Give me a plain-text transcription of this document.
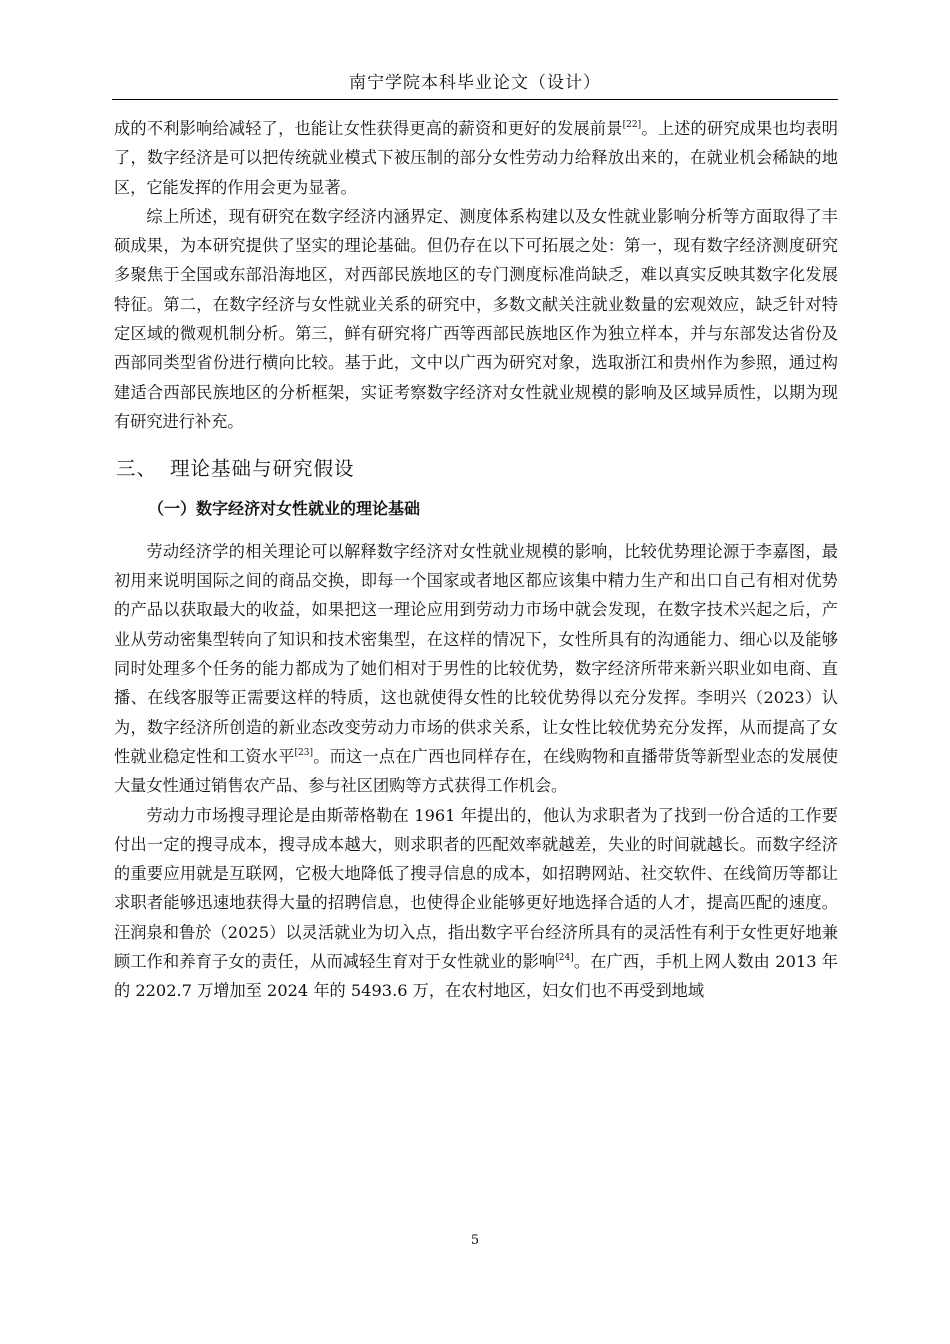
南宁学院本科毕业论文（设计）

成的不利影响给减轻了，也能让女性获得更高的薪资和更好的发展前景[22]。上述的研究成果也均表明了，数字经济是可以把传统就业模式下被压制的部分女性劳动力给释放出来的，在就业机会稀缺的地区，它能发挥的作用会更为显著。

综上所述，现有研究在数字经济内涵界定、测度体系构建以及女性就业影响分析等方面取得了丰硕成果，为本研究提供了坚实的理论基础。但仍存在以下可拓展之处：第一，现有数字经济测度研究多聚焦于全国或东部沿海地区，对西部民族地区的专门测度标准尚缺乏，难以真实反映其数字化发展特征。第二，在数字经济与女性就业关系的研究中，多数文献关注就业数量的宏观效应，缺乏针对特定区域的微观机制分析。第三，鲜有研究将广西等西部民族地区作为独立样本，并与东部发达省份及西部同类型省份进行横向比较。基于此，文中以广西为研究对象，选取浙江和贵州作为参照，通过构建适合西部民族地区的分析框架，实证考察数字经济对女性就业规模的影响及区域异质性，以期为现有研究进行补充。

三、 理论基础与研究假设

（一）数字经济对女性就业的理论基础

劳动经济学的相关理论可以解释数字经济对女性就业规模的影响，比较优势理论源于李嘉图，最初用来说明国际之间的商品交换，即每一个国家或者地区都应该集中精力生产和出口自己有相对优势的产品以获取最大的收益，如果把这一理论应用到劳动力市场中就会发现，在数字技术兴起之后，产业从劳动密集型转向了知识和技术密集型，在这样的情况下，女性所具有的沟通能力、细心以及能够同时处理多个任务的能力都成为了她们相对于男性的比较优势，数字经济所带来新兴职业如电商、直播、在线客服等正需要这样的特质，这也就使得女性的比较优势得以充分发挥。李明兴（2023）认为，数字经济所创造的新业态改变劳动力市场的供求关系，让女性比较优势充分发挥，从而提高了女性就业稳定性和工资水平[23]。而这一点在广西也同样存在，在线购物和直播带货等新型业态的发展使大量女性通过销售农产品、参与社区团购等方式获得工作机会。

劳动力市场搜寻理论是由斯蒂格勒在 1961 年提出的，他认为求职者为了找到一份合适的工作要付出一定的搜寻成本，搜寻成本越大，则求职者的匹配效率就越差，失业的时间就越长。而数字经济的重要应用就是互联网，它极大地降低了搜寻信息的成本，如招聘网站、社交软件、在线简历等都让求职者能够迅速地获得大量的招聘信息，也使得企业能够更好地选择合适的人才，提高匹配的速度。汪润泉和鲁於（2025）以灵活就业为切入点，指出数字平台经济所具有的灵活性有利于女性更好地兼顾工作和养育子女的责任，从而减轻生育对于女性就业的影响[24]。在广西，手机上网人数由 2013 年的 2202.7 万增加至 2024 年的 5493.6 万，在农村地区，妇女们也不再受到地域

5
